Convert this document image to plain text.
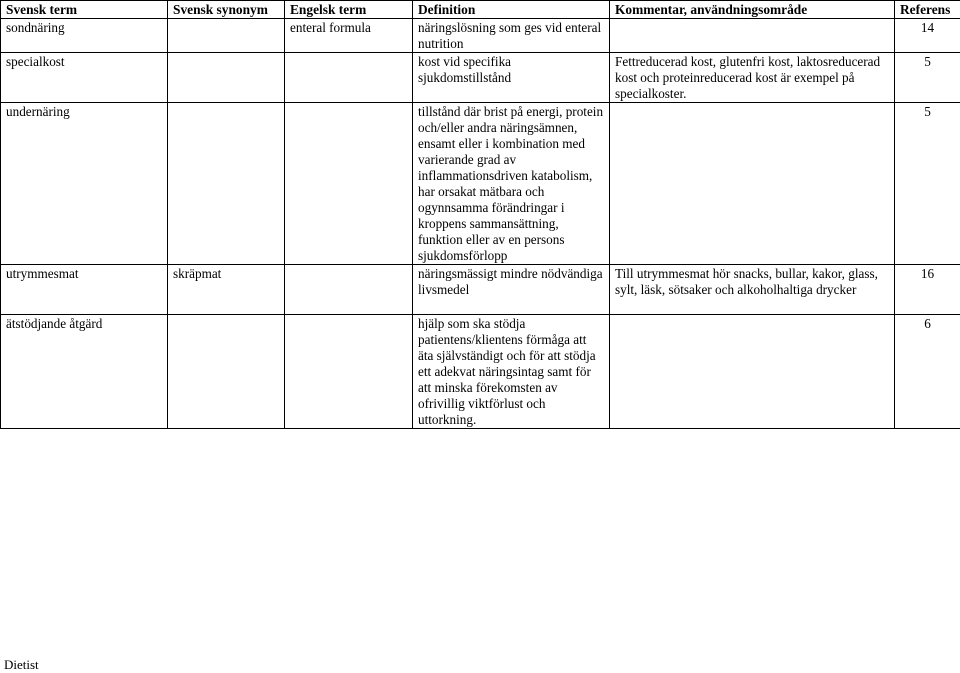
Svensk term	Svensk synonym	Engelsk term	Definition	Kommentar, användningsområde	Referens
sondnäring		enteral formula	näringslösning som ges vid enteral nutrition		14
specialkost			kost vid specifika sjukdomstillstånd	Fettreducerad kost, glutenfri kost, laktosreducerad kost och proteinreducerad kost är exempel på specialkoster.	5
undernäring			tillstånd där brist på energi, protein och/eller andra näringsämnen, ensamt eller i kombination med varierande grad av inflammationsdriven katabolism, har orsakat mätbara och ogynnsamma förändringar i kroppens sammansättning, funktion eller av en persons sjukdomsförlopp		5
utrymmesmat	skräpmat		näringsmässigt mindre nödvändiga livsmedel	Till utrymmesmat hör snacks, bullar, kakor, glass, sylt, läsk, sötsaker och alkoholhaltiga drycker	16
ätstödjande åtgärd			hjälp som ska stödja patientens/klientens förmåga att äta självständigt och för att stödja ett adekvat näringsintag samt för att minska förekomsten av ofrivillig viktförlust och uttorkning.		6
Dietist
